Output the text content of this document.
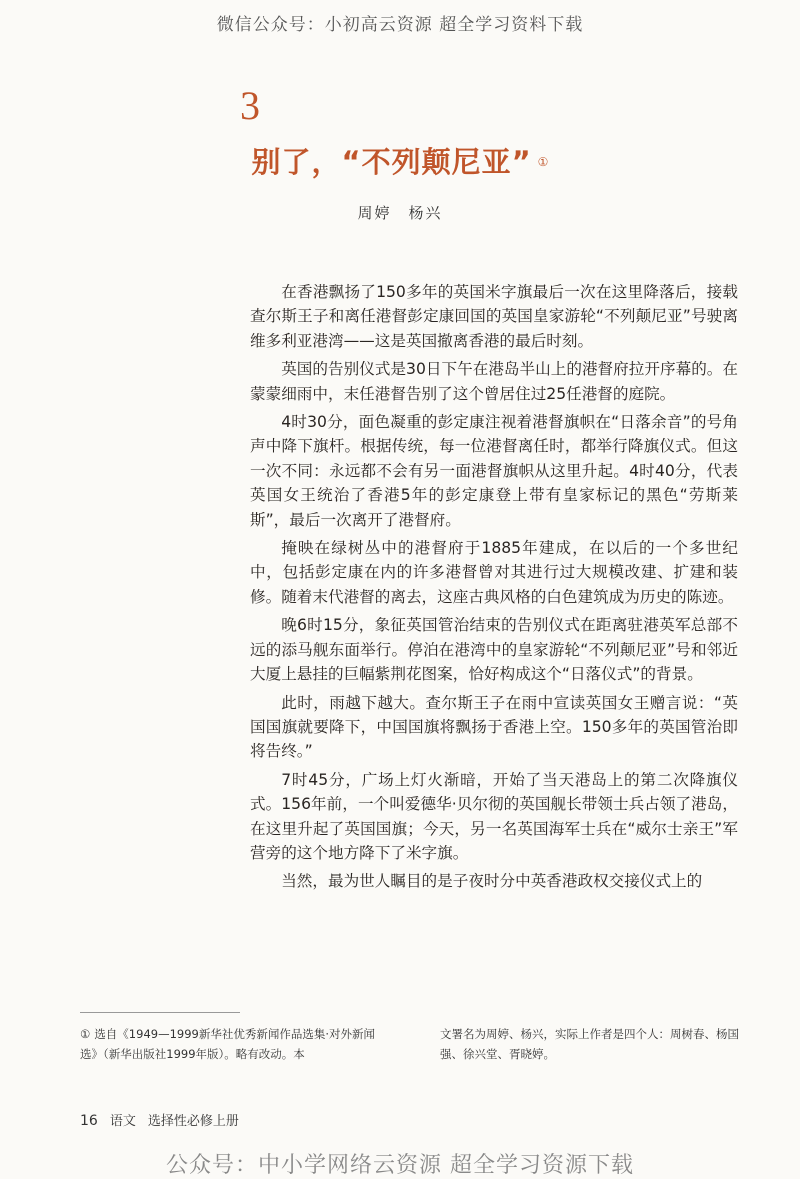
微信公众号：小初高云资源 超全学习资料下载
3
别了，“不列颠尼亚” ①
周婷　杨兴

在香港飘扬了150多年的英国米字旗最后一次在这里降落后，接载查尔斯王子和离任港督彭定康回国的英国皇家游轮“不列颠尼亚”号驶离维多利亚港湾——这是英国撤离香港的最后时刻。

英国的告别仪式是30日下午在港岛半山上的港督府拉开序幕的。在蒙蒙细雨中，末任港督告别了这个曾居住过25任港督的庭院。

4时30分，面色凝重的彭定康注视着港督旗帜在“日落余音”的号角声中降下旗杆。根据传统，每一位港督离任时，都举行降旗仪式。但这一次不同：永远都不会有另一面港督旗帜从这里升起。4时40分，代表英国女王统治了香港5年的彭定康登上带有皇家标记的黑色“劳斯莱斯”，最后一次离开了港督府。

掩映在绿树丛中的港督府于1885年建成，在以后的一个多世纪中，包括彭定康在内的许多港督曾对其进行过大规模改建、扩建和装修。随着末代港督的离去，这座古典风格的白色建筑成为历史的陈迹。

晚6时15分，象征英国管治结束的告别仪式在距离驻港英军总部不远的添马舰东面举行。停泊在港湾中的皇家游轮“不列颠尼亚”号和邻近大厦上悬挂的巨幅紫荆花图案，恰好构成这个“日落仪式”的背景。

此时，雨越下越大。查尔斯王子在雨中宣读英国女王赠言说：“英国国旗就要降下，中国国旗将飘扬于香港上空。150多年的英国管治即将告终。”

7时45分，广场上灯火渐暗，开始了当天港岛上的第二次降旗仪式。156年前，一个叫爱德华·贝尔彻的英国舰长带领士兵占领了港岛，在这里升起了英国国旗；今天，另一名英国海军士兵在“威尔士亲王”军营旁的这个地方降下了米字旗。

当然，最为世人瞩目的是子夜时分中英香港政权交接仪式上的

① 选自《1949—1999新华社优秀新闻作品选集·对外新闻选》（新华出版社1999年版）。略有改动。本
文署名为周婷、杨兴，实际上作者是四个人：周树春、杨国强、徐兴堂、胥晓婷。
16 语文 选择性必修上册
公众号：中小学网络云资源 超全学习资源下载
